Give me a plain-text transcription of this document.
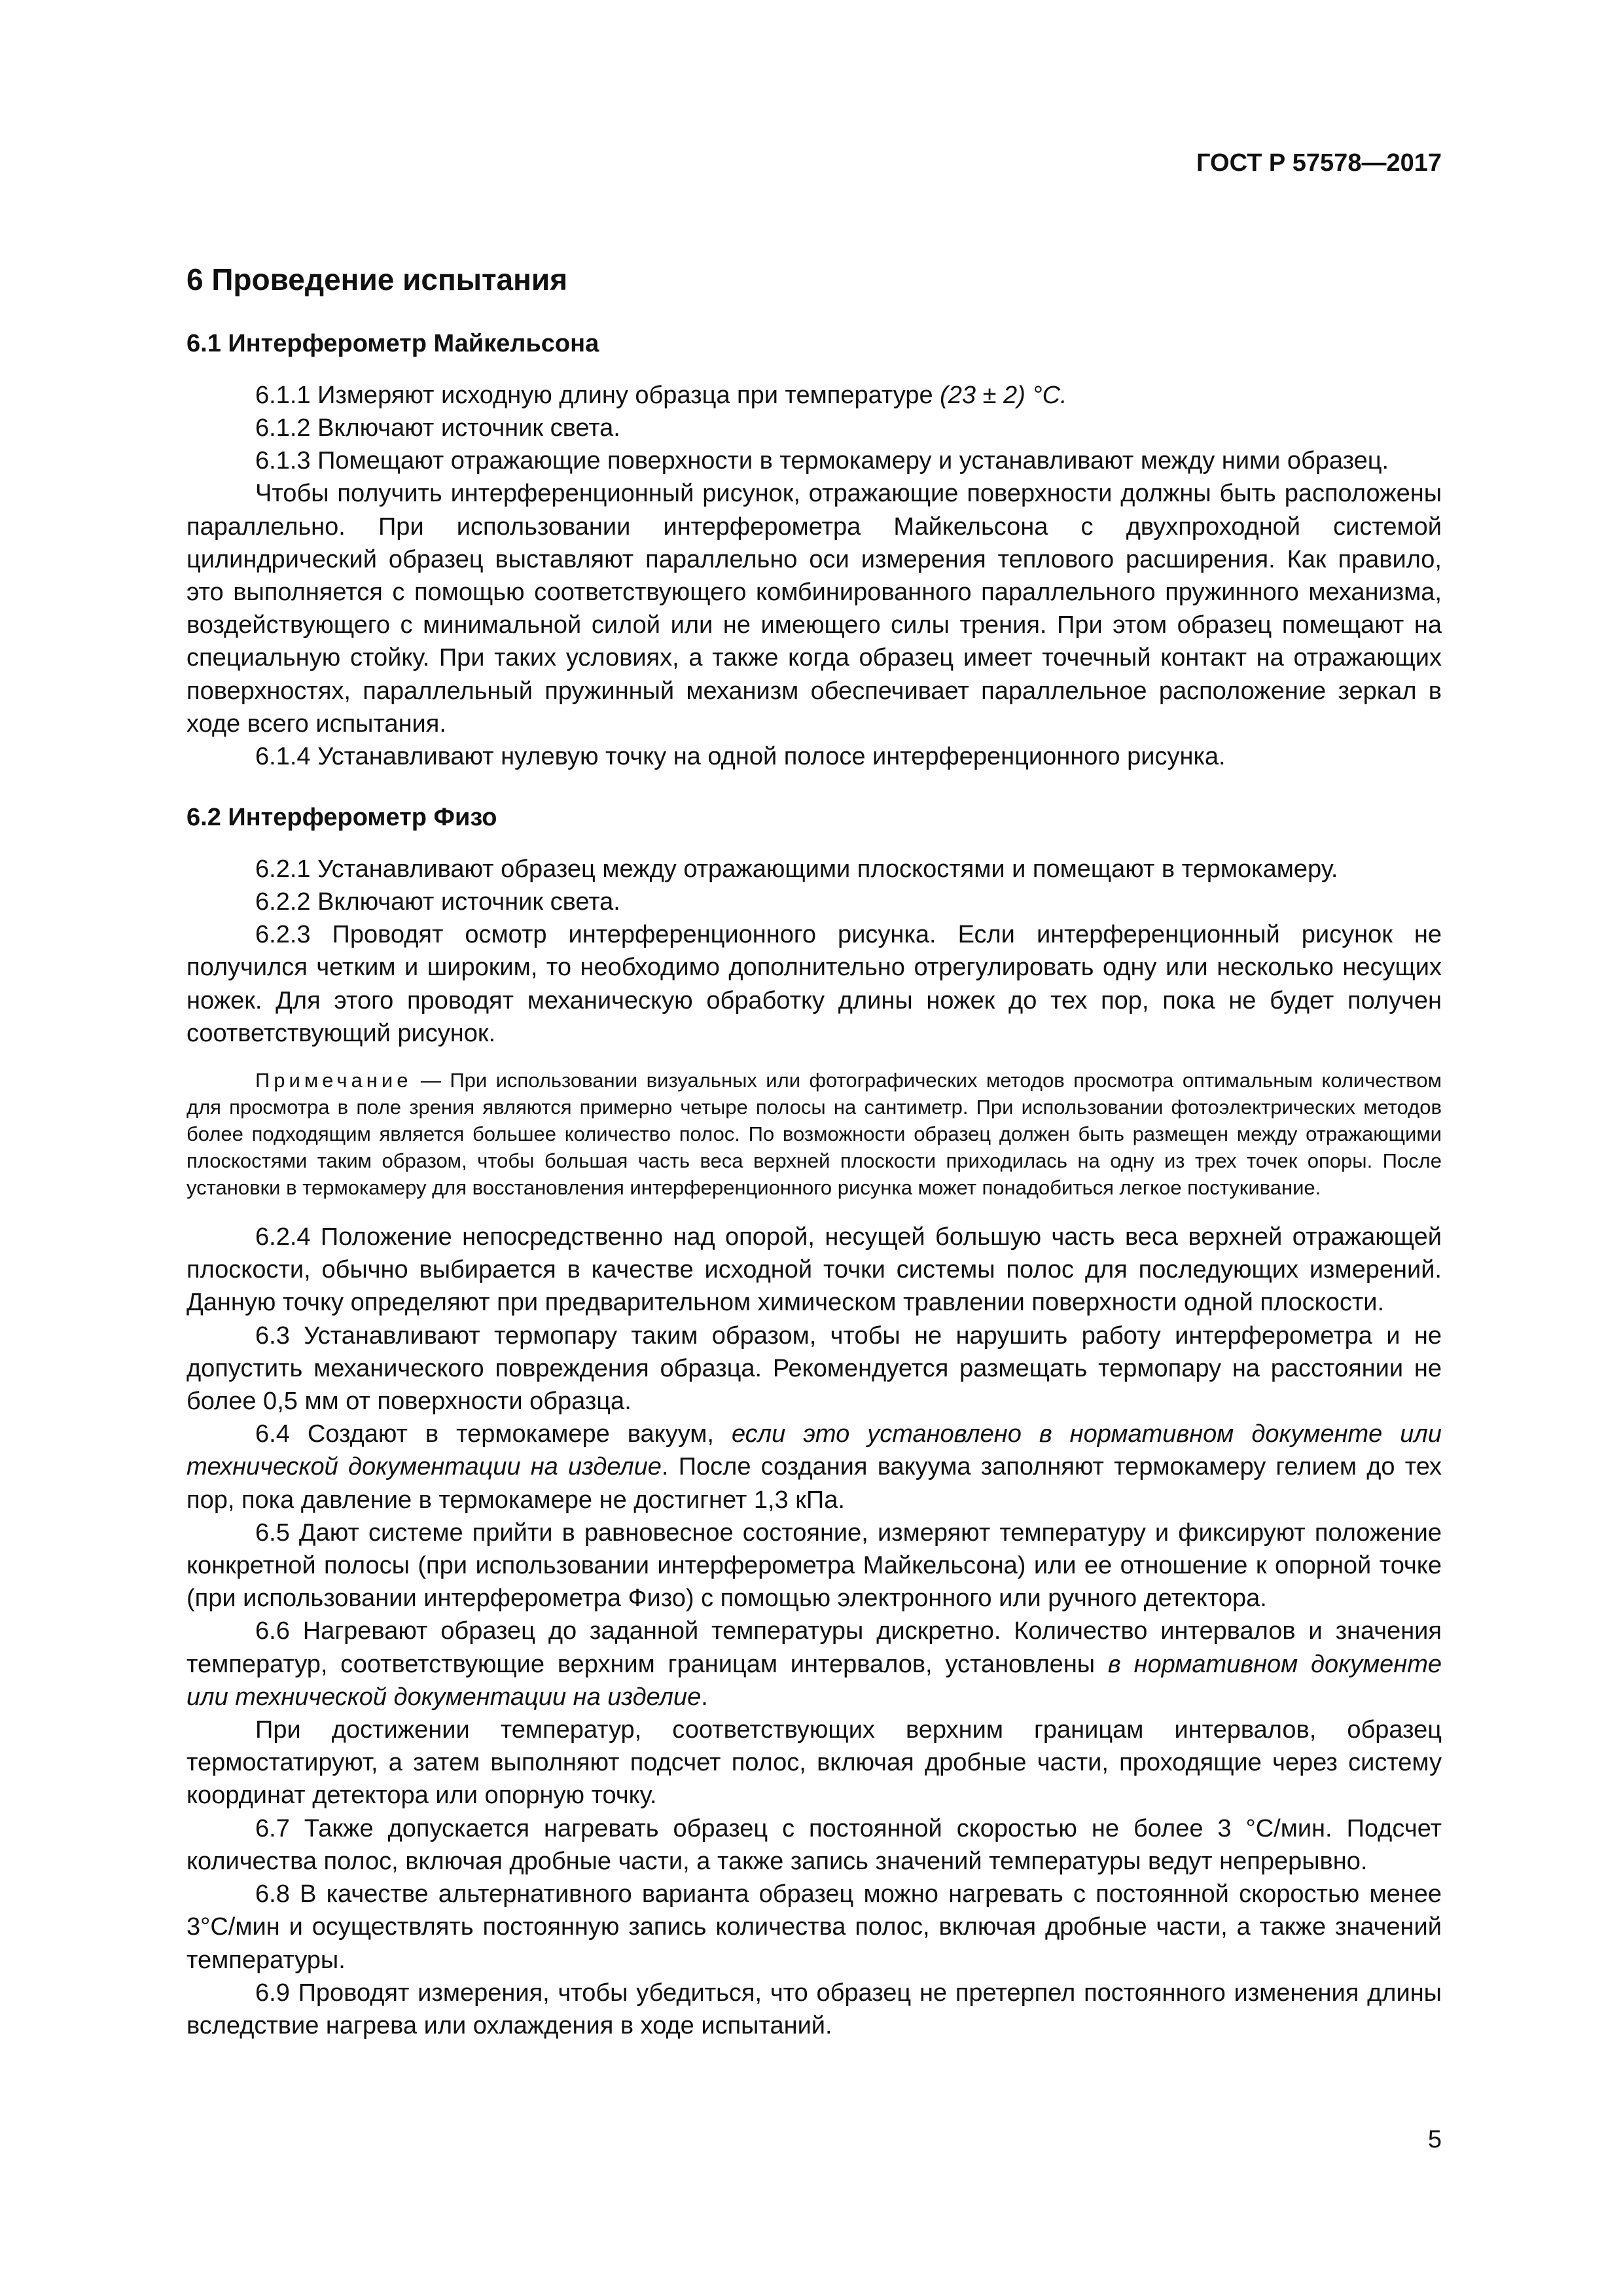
ГОСТ Р 57578—2017
6 Проведение испытания
6.1 Интерферометр Майкельсона

6.1.1 Измеряют исходную длину образца при температуре (23 ± 2) °С.

6.1.2 Включают источник света.

6.1.3 Помещают отражающие поверхности в термокамеру и устанавливают между ними образец.

Чтобы получить интерференционный рисунок, отражающие поверхности должны быть расположены параллельно. При использовании интерферометра Майкельсона с двухпроходной системой цилиндрический образец выставляют параллельно оси измерения теплового расширения. Как правило, это выполняется с помощью соответствующего комбинированного параллельного пружинного механизма, воздействующего с минимальной силой или не имеющего силы трения. При этом образец помещают на специальную стойку. При таких условиях, а также когда образец имеет точечный контакт на отражающих поверхностях, параллельный пружинный механизм обеспечивает параллельное расположение зеркал в ходе всего испытания.

6.1.4 Устанавливают нулевую точку на одной полосе интерференционного рисунка.

6.2 Интерферометр Физо

6.2.1 Устанавливают образец между отражающими плоскостями и помещают в термокамеру.

6.2.2 Включают источник света.

6.2.3 Проводят осмотр интерференционного рисунка. Если интерференционный рисунок не получился четким и широким, то необходимо дополнительно отрегулировать одну или несколько несущих ножек. Для этого проводят механическую обработку длины ножек до тех пор, пока не будет получен соответствующий рисунок.

Примечание — При использовании визуальных или фотографических методов просмотра оптимальным количеством для просмотра в поле зрения являются примерно четыре полосы на сантиметр. При использовании фотоэлектрических методов более подходящим является большее количество полос. По возможности образец должен быть размещен между отражающими плоскостями таким образом, чтобы большая часть веса верхней плоскости приходилась на одну из трех точек опоры. После установки в термокамеру для восстановления интерференционного рисунка может понадобиться легкое постукивание.

6.2.4 Положение непосредственно над опорой, несущей большую часть веса верхней отражающей плоскости, обычно выбирается в качестве исходной точки системы полос для последующих измерений. Данную точку определяют при предварительном химическом травлении поверхности одной плоскости.

6.3 Устанавливают термопару таким образом, чтобы не нарушить работу интерферометра и не допустить механического повреждения образца. Рекомендуется размещать термопару на расстоянии не более 0,5 мм от поверхности образца.

6.4 Создают в термокамере вакуум, если это установлено в нормативном документе или технической документации на изделие. После создания вакуума заполняют термокамеру гелием до тех пор, пока давление в термокамере не достигнет 1,3 кПа.

6.5 Дают системе прийти в равновесное состояние, измеряют температуру и фиксируют положение конкретной полосы (при использовании интерферометра Майкельсона) или ее отношение к опорной точке (при использовании интерферометра Физо) с помощью электронного или ручного детектора.

6.6 Нагревают образец до заданной температуры дискретно. Количество интервалов и значения температур, соответствующие верхним границам интервалов, установлены в нормативном документе или технической документации на изделие.

При достижении температур, соответствующих верхним границам интервалов, образец термостатируют, а затем выполняют подсчет полос, включая дробные части, проходящие через систему координат детектора или опорную точку.

6.7 Также допускается нагревать образец с постоянной скоростью не более 3 °С/мин. Подсчет количества полос, включая дробные части, а также запись значений температуры ведут непрерывно.

6.8 В качестве альтернативного варианта образец можно нагревать с постоянной скоростью менее 3°С/мин и осуществлять постоянную запись количества полос, включая дробные части, а также значений температуры.

6.9 Проводят измерения, чтобы убедиться, что образец не претерпел постоянного изменения длины вследствие нагрева или охлаждения в ходе испытаний.

5
